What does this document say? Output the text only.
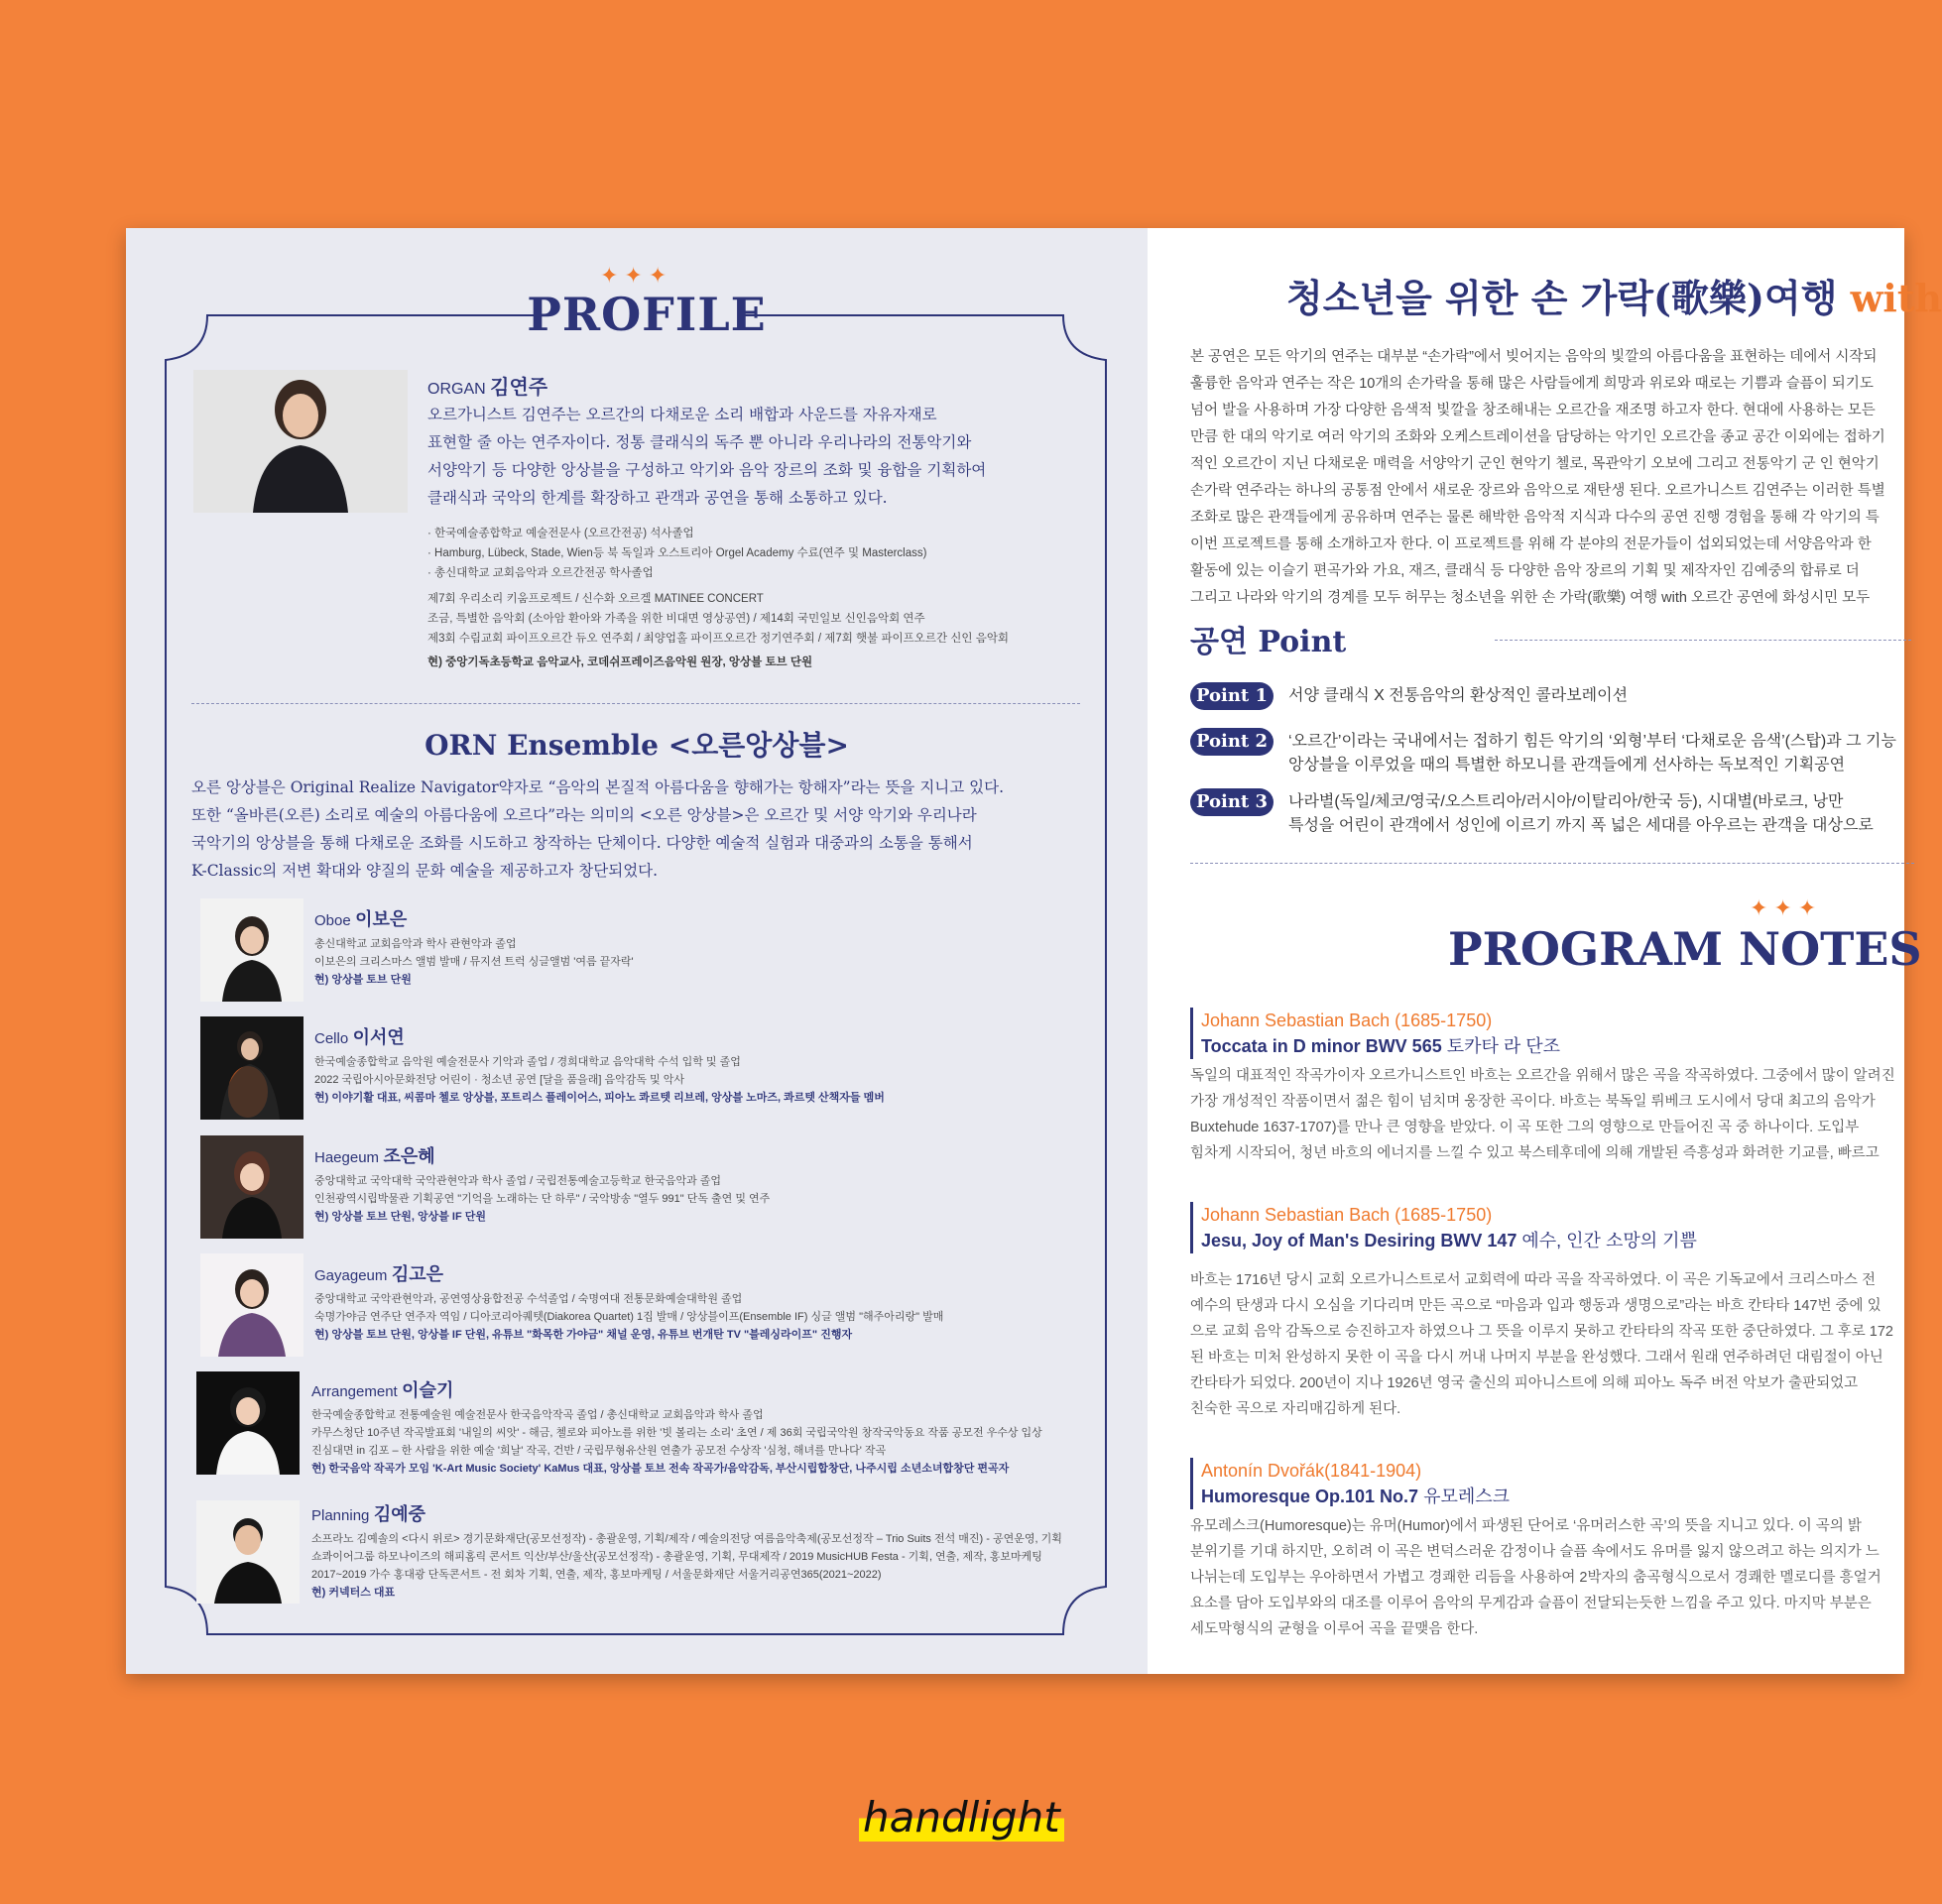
✦✦✦
PROFILE
ORGAN 김연주
오르가니스트 김연주는 오르간의 다채로운 소리 배합과 사운드를 자유자재로
표현할 줄 아는 연주자이다. 정통 클래식의 독주 뿐 아니라 우리나라의 전통악기와
서양악기 등 다양한 앙상블을 구성하고 악기와 음악 장르의 조화 및 융합을 기획하여
클래식과 국악의 한계를 확장하고 관객과 공연을 통해 소통하고 있다.
· 한국예술종합학교 예술전문사 (오르간전공) 석사졸업
· Hamburg, Lübeck, Stade, Wien등 북 독일과 오스트리아 Orgel Academy 수료(연주 및 Masterclass)
· 총신대학교 교회음악과 오르간전공 학사졸업
제7회 우리소리 키움프로젝트 / 신수화 오르겔 MATINEE CONCERT
조금, 특별한 음악회 (소아암 환아와 가족을 위한 비대면 영상공연) / 제14회 국민일보 신인음악회 연주
제3회 수림교회 파이프오르간 듀오 연주회 / 최양업홀 파이프오르간 정기연주회 / 제7회 햇불 파이프오르간 신인 음악회
현) 중앙기독초등학교 음악교사, 코데쉬프레이즈음악원 원장, 앙상블 토브 단원
ORN Ensemble <오른앙상블>
오른 앙상블은 Original Realize Navigator약자로 “음악의 본질적 아름다움을 향해가는 항해자”라는 뜻을 지니고 있다.
또한 “올바른(오른) 소리로 예술의 아름다움에 오르다”라는 의미의 <오른 앙상블>은 오르간 및 서양 악기와 우리나라
국악기의 앙상블을 통해 다채로운 조화를 시도하고 창작하는 단체이다. 다양한 예술적 실험과 대중과의 소통을 통해서
K-Classic의 저변 확대와 양질의 문화 예술을 제공하고자 창단되었다.
Oboe 이보은
총신대학교 교회음악과 학사 관현악과 졸업
이보은의 크리스마스 앨범 발매 / 뮤지션 트럭 싱글앨범 '여름 끝자락'
현) 앙상블 토브 단원
Cello 이서연
한국예술종합학교 음악원 예술전문사 기악과 졸업 / 경희대학교 음악대학 수석 입학 및 졸업
2022 국립아시아문화전당 어린이 · 청소년 공연 [달을 품을래] 음악감독 및 악사
현) 이야기활 대표, 씨콤마 첼로 앙상블, 포트리스 플레이어스, 피아노 콰르텟 리브레, 앙상블 노마즈, 콰르텟 산책자들 멤버
Haegeum 조은혜
중앙대학교 국악대학 국악관현악과 학사 졸업 / 국립전통예술고등학교 한국음악과 졸업
인천광역시립박물관 기획공연 "기억을 노래하는 단 하루" / 국악방송 "열두 991" 단독 출연 및 연주
현) 앙상블 토브 단원, 앙상블 IF 단원
Gayageum 김고은
중앙대학교 국악관현악과, 공연영상융합전공 수석졸업 / 숙명여대 전통문화예술대학원 졸업
숙명가야금 연주단 연주자 역임 / 디아코리아퀘텟(Diakorea Quartet) 1집 발매 / 앙상블이프(Ensemble IF) 싱글 앨범 "해주아리랑" 발매
현) 앙상블 토브 단원, 앙상블 IF 단원, 유튜브 "화목한 가야금" 채널 운영, 유튜브 번개탄 TV "블레싱라이프" 진행자
Arrangement 이슬기
한국예술종합학교 전통예술원 예술전문사 한국음악작곡 졸업 / 총신대학교 교회음악과 학사 졸업
카무스청단 10주년 작곡발표회 '내일의 씨앗' - 해금, 첼로와 피아노를 위한 '빗 볼리는 소리' 초연 / 제 36회 국립국악원 창작국악동요 작품 공모전 우수상 입상
진심대면 in 김포 – 한 사람을 위한 예술 '희날' 작곡, 건반 / 국립무형유산원 연출가 공모전 수상작 '심청, 해녀를 만나다' 작곡
현) 한국음악 작곡가 모임 'K-Art Music Society' KaMus 대표, 앙상블 토브 전속 작곡가/음악감독, 부산시립합창단, 나주시립 소년소녀합창단 편곡자
Planning 김예중
소프라노 김예솔의 <다시 위로> 경기문화재단(공모선정작) - 총괄운영, 기획/제작 / 예술의전당 여름음악축제(공모선정작 – Trio Suits 전석 매진) - 공연운영, 기획
쇼콰이어그룹 하모나이즈의 해피홈릭 콘서트 익산/부산/울산(공모선정작) - 총괄운영, 기획, 무대제작 / 2019 MusicHUB Festa - 기획, 연출, 제작, 홍보마케팅
2017~2019 가수 홍대광 단독콘서트 - 전 회차 기획, 연출, 제작, 홍보마케팅 / 서울문화재단 서울거리공연365(2021~2022)
현) 커넥터스 대표
청소년을 위한 손 가락(歌樂)여행 with
본 공연은 모든 악기의 연주는 대부분 “손가락”에서 빚어지는 음악의 빛깔의 아름다움을 표현하는 데에서 시작되
훌륭한 음악과 연주는 작은 10개의 손가락을 통해 많은 사람들에게 희망과 위로와 때로는 기쁨과 슬픔이 되기도
넘어 발을 사용하며 가장 다양한 음색적 빛깔을 창조해내는 오르간을 재조명 하고자 한다. 현대에 사용하는 모든
만큼 한 대의 악기로 여러 악기의 조화와 오케스트레이션을 담당하는 악기인 오르간을 종교 공간 이외에는 접하기
적인 오르간이 지닌 다채로운 매력을 서양악기 군인 현악기 첼로, 목관악기 오보에 그리고 전통악기 군 인 현악기
손가락 연주라는 하나의 공통점 안에서 새로운 장르와 음악으로 재탄생 된다. 오르가니스트 김연주는 이러한 특별
조화로 많은 관객들에게 공유하며 연주는 물론 해박한 음악적 지식과 다수의 공연 진행 경험을 통해 각 악기의 특
이번 프로젝트를 통해 소개하고자 한다. 이 프로젝트를 위해 각 분야의 전문가들이 섭외되었는데 서양음악과 한
활동에 있는 이슬기 편곡가와 가요, 재즈, 클래식 등 다양한 음악 장르의 기획 및 제작자인 김예중의 합류로 더
그리고 나라와 악기의 경계를 모두 허무는 청소년을 위한 손 가락(歌樂) 여행 with 오르간 공연에 화성시민 모두
공연 Point
Point 1	서양 클래식 X 전통음악의 환상적인 콜라보레이션
Point 2	‘오르간’이라는 국내에서는 접하기 힘든 악기의 ‘외형’부터 ‘다채로운 음색’(스탑)과 그 기능
앙상블을 이루었을 때의 특별한 하모니를 관객들에게 선사하는 독보적인 기획공연
Point 3	나라별(독일/체코/영국/오스트리아/러시아/이탈리아/한국 등), 시대별(바로크, 낭만
특성을 어린이 관객에서 성인에 이르기 까지 폭 넓은 세대를 아우르는 관객을 대상으로
✦✦✦
PROGRAM NOTES
Johann Sebastian Bach (1685-1750)
Toccata in D minor BWV 565 토카타 라 단조
독일의 대표적인 작곡가이자 오르가니스트인 바흐는 오르간을 위해서 많은 곡을 작곡하였다. 그중에서 많이 알려진
가장 개성적인 작품이면서 젊은 힘이 넘치며 웅장한 곡이다. 바흐는 북독일 뤼베크 도시에서 당대 최고의 음악가
Buxtehude 1637-1707)를 만나 큰 영향을 받았다. 이 곡 또한 그의 영향으로 만들어진 곡 중 하나이다. 도입부
힘차게 시작되어, 청년 바흐의 에너지를 느낄 수 있고 북스테후데에 의해 개발된 즉흥성과 화려한 기교를, 빠르고
Johann Sebastian Bach (1685-1750)
Jesu, Joy of Man's Desiring BWV 147 예수, 인간 소망의 기쁨
바흐는 1716년 당시 교회 오르가니스트로서 교회력에 따라 곡을 작곡하였다. 이 곡은 기독교에서 크리스마스 전
예수의 탄생과 다시 오심을 기다리며 만든 곡으로 “마음과 입과 행동과 생명으로”라는 바흐 칸타타 147번 중에 있
으로 교회 음악 감독으로 승진하고자 하였으나 그 뜻을 이루지 못하고 칸타타의 작곡 또한 중단하였다. 그 후로 172
된 바흐는 미처 완성하지 못한 이 곡을 다시 꺼내 나머지 부분을 완성했다. 그래서 원래 연주하려던 대림절이 아닌
칸타타가 되었다. 200년이 지나 1926년 영국 출신의 피아니스트에 의해 피아노 독주 버전 악보가 출판되었고
친숙한 곡으로 자리매김하게 된다.
Antonín Dvořák(1841-1904)
Humoresque Op.101 No.7 유모레스크
유모레스크(Humoresque)는 유머(Humor)에서 파생된 단어로 ‘유머러스한 곡’의 뜻을 지니고 있다. 이 곡의 밝
분위기를 기대 하지만, 오히려 이 곡은 변덕스러운 감정이나 슬픔 속에서도 유머를 잃지 않으려고 하는 의지가 느
나뉘는데 도입부는 우아하면서 가볍고 경쾌한 리듬을 사용하여 2박자의 춤곡형식으로서 경쾌한 멜로디를 흥얼거
요소를 담아 도입부와의 대조를 이루어 음악의 무게감과 슬픔이 전달되는듯한 느낌을 주고 있다. 마지막 부분은
세도막형식의 균형을 이루어 곡을 끝맺음 한다.
handlight
